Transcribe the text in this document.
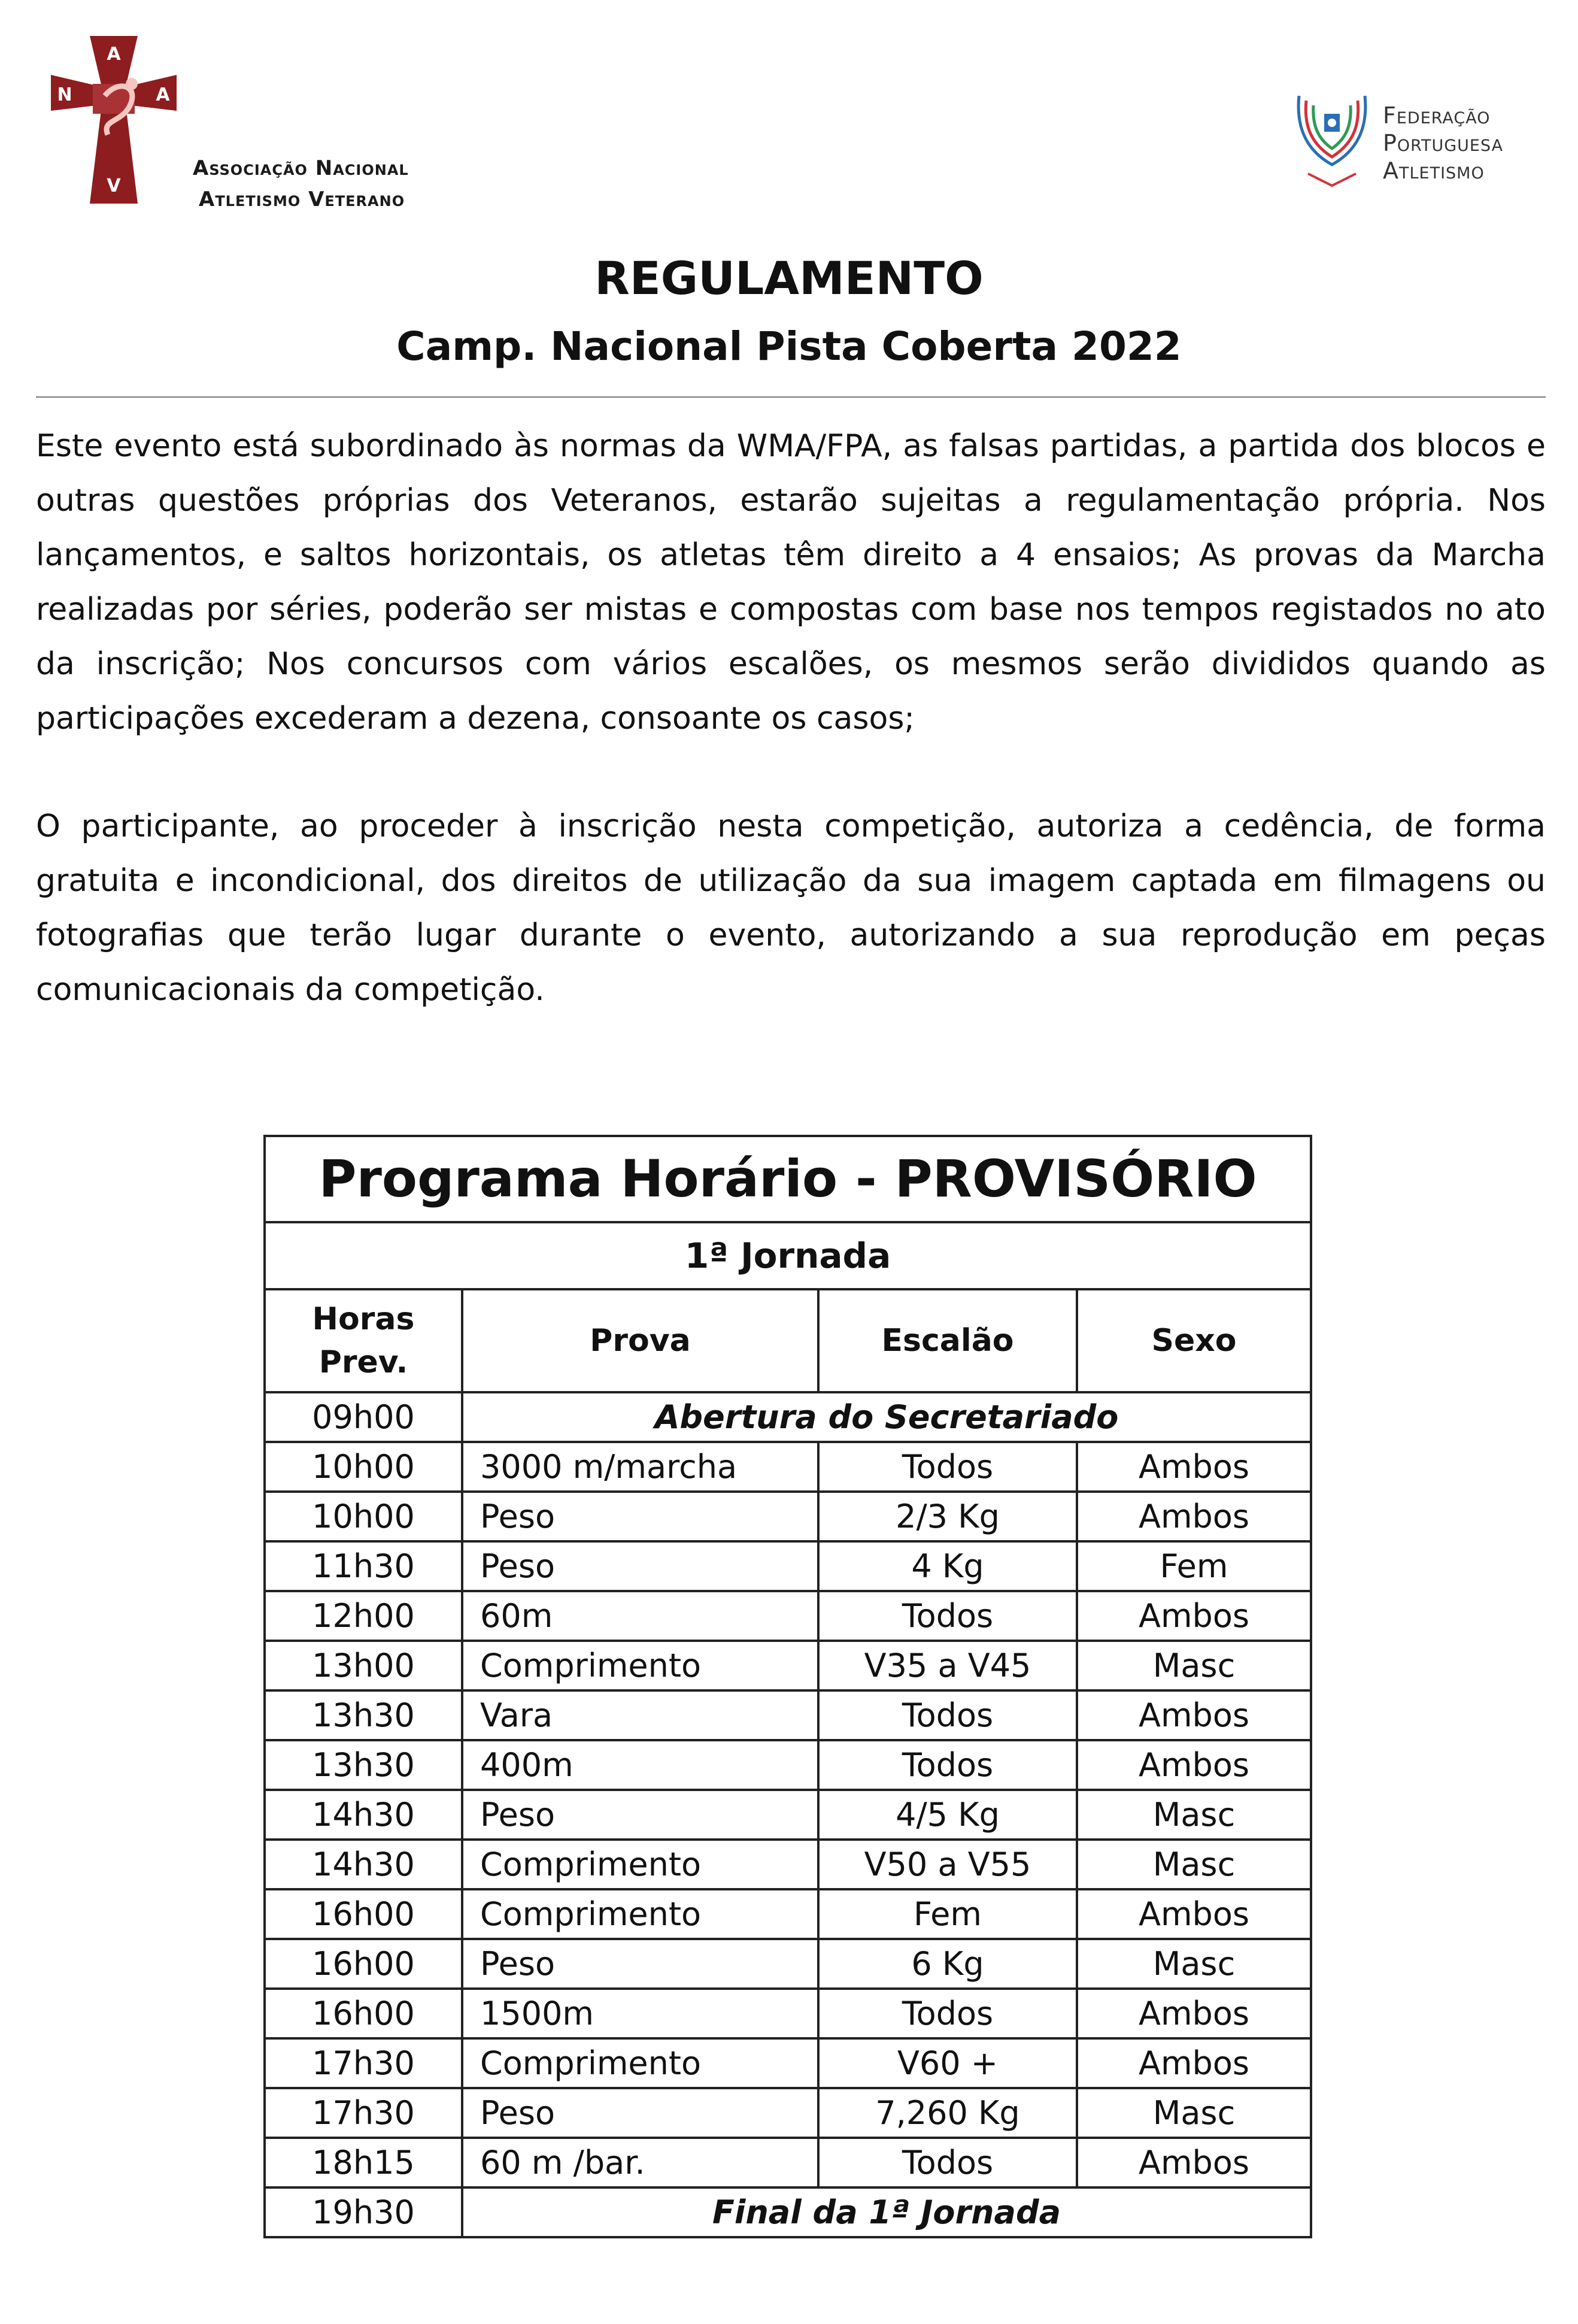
A
N	A
V
Associação Nacional
Atletismo Veterano
Federação
Portuguesa
Atletismo
REGULAMENTO
Camp. Nacional Pista Coberta 2022
Este evento está subordinado às normas da WMA/FPA, as falsas partidas, a partida dos blocos e outras questões próprias dos Veteranos, estarão sujeitas a regulamentação própria. Nos lançamentos, e saltos horizontais, os atletas têm direito a 4 ensaios; As provas da Marcha realizadas por séries, poderão ser mistas e compostas com base nos tempos registados no ato da inscrição; Nos concursos com vários escalões, os mesmos serão divididos quando as participações excederam a dezena, consoante os casos;
O participante, ao proceder à inscrição nesta competição, autoriza a cedência, de forma gratuita e incondicional, dos direitos de utilização da sua imagem captada em filmagens ou fotografias que terão lugar durante o evento, autorizando a sua reprodução em peças comunicacionais da competição.
Programa Horário - PROVISÓRIO			
1ª Jornada			

Horas
Prev.	Prova	Escalão	Sexo
09h00	Abertura do Secretariado		
10h00	3000 m/marcha	Todos	Ambos
10h00	Peso	2/3 Kg	Ambos
11h30	Peso	4 Kg	Fem
12h00	60m	Todos	Ambos
13h00	Comprimento	V35 a V45	Masc
13h30	Vara	Todos	Ambos
13h30	400m	Todos	Ambos
14h30	Peso	4/5 Kg	Masc
14h30	Comprimento	V50 a V55	Masc
16h00	Comprimento	Fem	Ambos
16h00	Peso	6 Kg	Masc
16h00	1500m	Todos	Ambos
17h30	Comprimento	V60 +	Ambos
17h30	Peso	7,260 Kg	Masc
18h15	60 m /bar.	Todos	Ambos
19h30	Final da 1ª Jornada		
